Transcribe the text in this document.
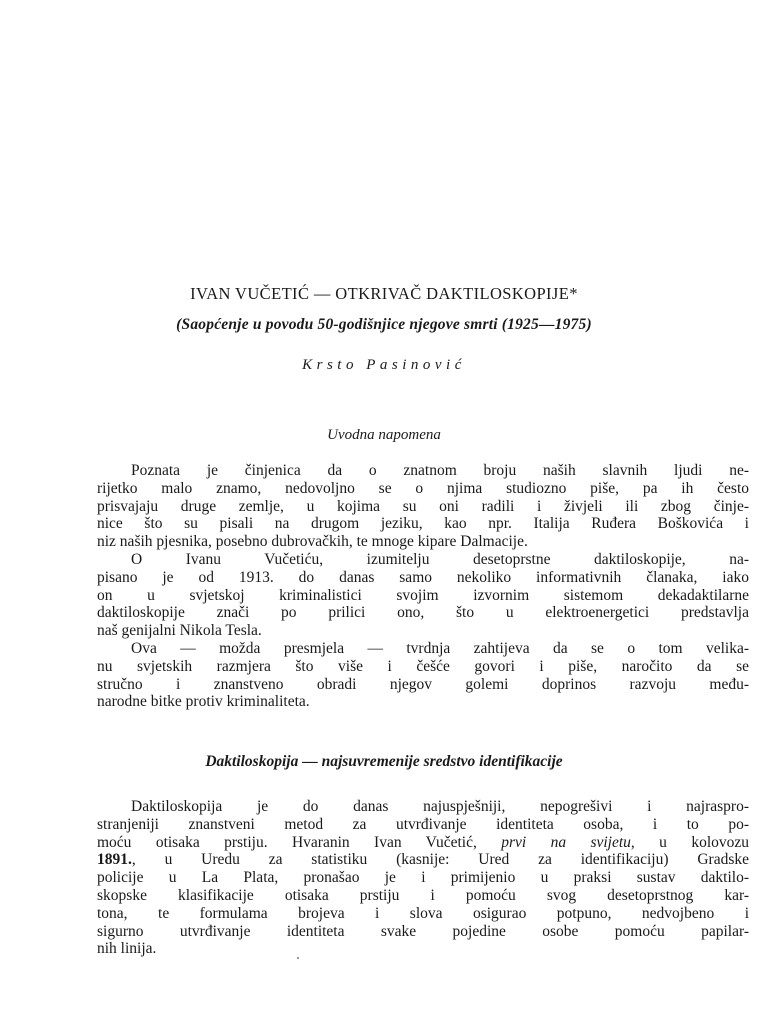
IVAN VUČETIĆ — OTKRIVAČ DAKTILOSKOPIJE*
(Saopćenje u povodu 50-godišnjice njegove smrti (1925—1975)
Krsto Pasinović
Uvodna napomena
Poznata je činjenica da o znatnom broju naših slavnih ljudi ne-
rijetko malo znamo, nedovoljno se o njima studiozno piše, pa ih često
prisvajaju druge zemlje, u kojima su oni radili i živjeli ili zbog činje-
nice što su pisali na drugom jeziku, kao npr. Italija Ruđera Boškovića i
niz naših pjesnika, posebno dubrovačkih, te mnoge kipare Dalmacije.
O Ivanu Vučetiću, izumitelju desetoprstne daktiloskopije, na-
pisano je od 1913. do danas samo nekoliko informativnih članaka, iako
on u svjetskoj kriminalistici svojim izvornim sistemom dekadaktilarne
daktiloskopije znači po prilici ono, što u elektroenergetici predstavlja
naš genijalni Nikola Tesla.
Ova — možda presmjela — tvrdnja zahtijeva da se o tom velika-
nu svjetskih razmjera što više i češće govori i piše, naročito da se
stručno i znanstveno obradi njegov golemi doprinos razvoju među-
narodne bitke protiv kriminaliteta.
Daktiloskopija — najsuvremenije sredstvo identifikacije
Daktiloskopija je do danas najuspješniji, nepogrešivi i najraspro-
stranjeniji znanstveni metod za utvrđivanje identiteta osoba, i to po-
moću otisaka prstiju. Hvaranin Ivan Vučetić, prvi na svijetu, u kolovozu
1891., u Uredu za statistiku (kasnije: Ured za identifikaciju) Gradske
policije u La Plata, pronašao je i primijenio u praksi sustav daktilo-
skopske klasifikacije otisaka prstiju i pomoću svog desetoprstnog kar-
tona, te formulama brojeva i slova osigurao potpuno, nedvojbeno i
sigurno utvrđivanje identiteta svake pojedine osobe pomoću papilar-
nih linija.
